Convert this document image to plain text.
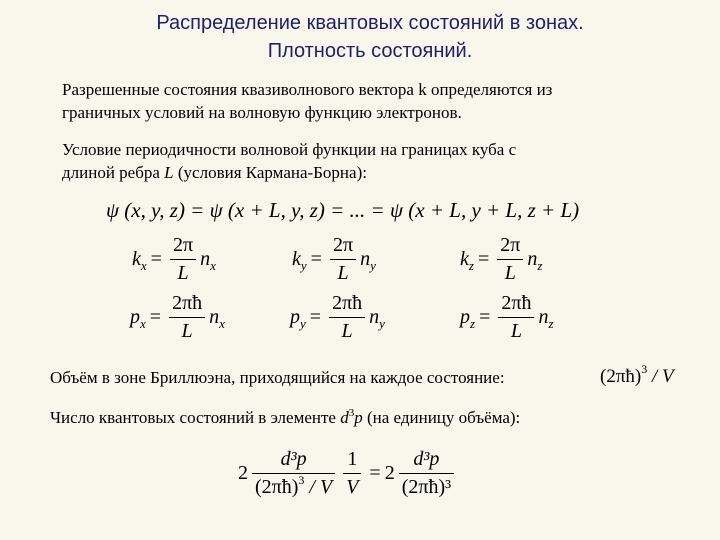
Распределение квантовых состояний в зонах.
Плотность состояний.
Разрешенные состояния квазиволнового вектора k определяются из
граничных условий на волновую функцию электронов.
Условие периодичности волновой функции на границах куба с
длиной ребра L (условия Кармана-Борна):
ψ (x, y, z) = ψ (x + L, y, z) = ... = ψ (x + L, y + L, z + L)
k $x = \frac{2\pi}{L}$ n x	k $y = \frac{2\pi}{L}$ n y	k $z = \frac{2\pi}{L}$ n z
p $x = \frac{2\pi ħ}{L}$ n x	p $y = \frac{2\pi ħ}{L}$ n y	p $z = \frac{2\pi ħ}{L}$ n z
Объём в зоне Бриллюэна, приходящийся на каждое состояние:	(2πħ)$^3$ / V
Число квантовых состояний в элементе $d^3p$ (на единицу объёма):
$2 \frac{\text{d³p}}{(2\pi ħ)^3 / V} \frac{1}{V} = 2 \frac{\text{d³p}}{\text{(2πħ)³}}$
